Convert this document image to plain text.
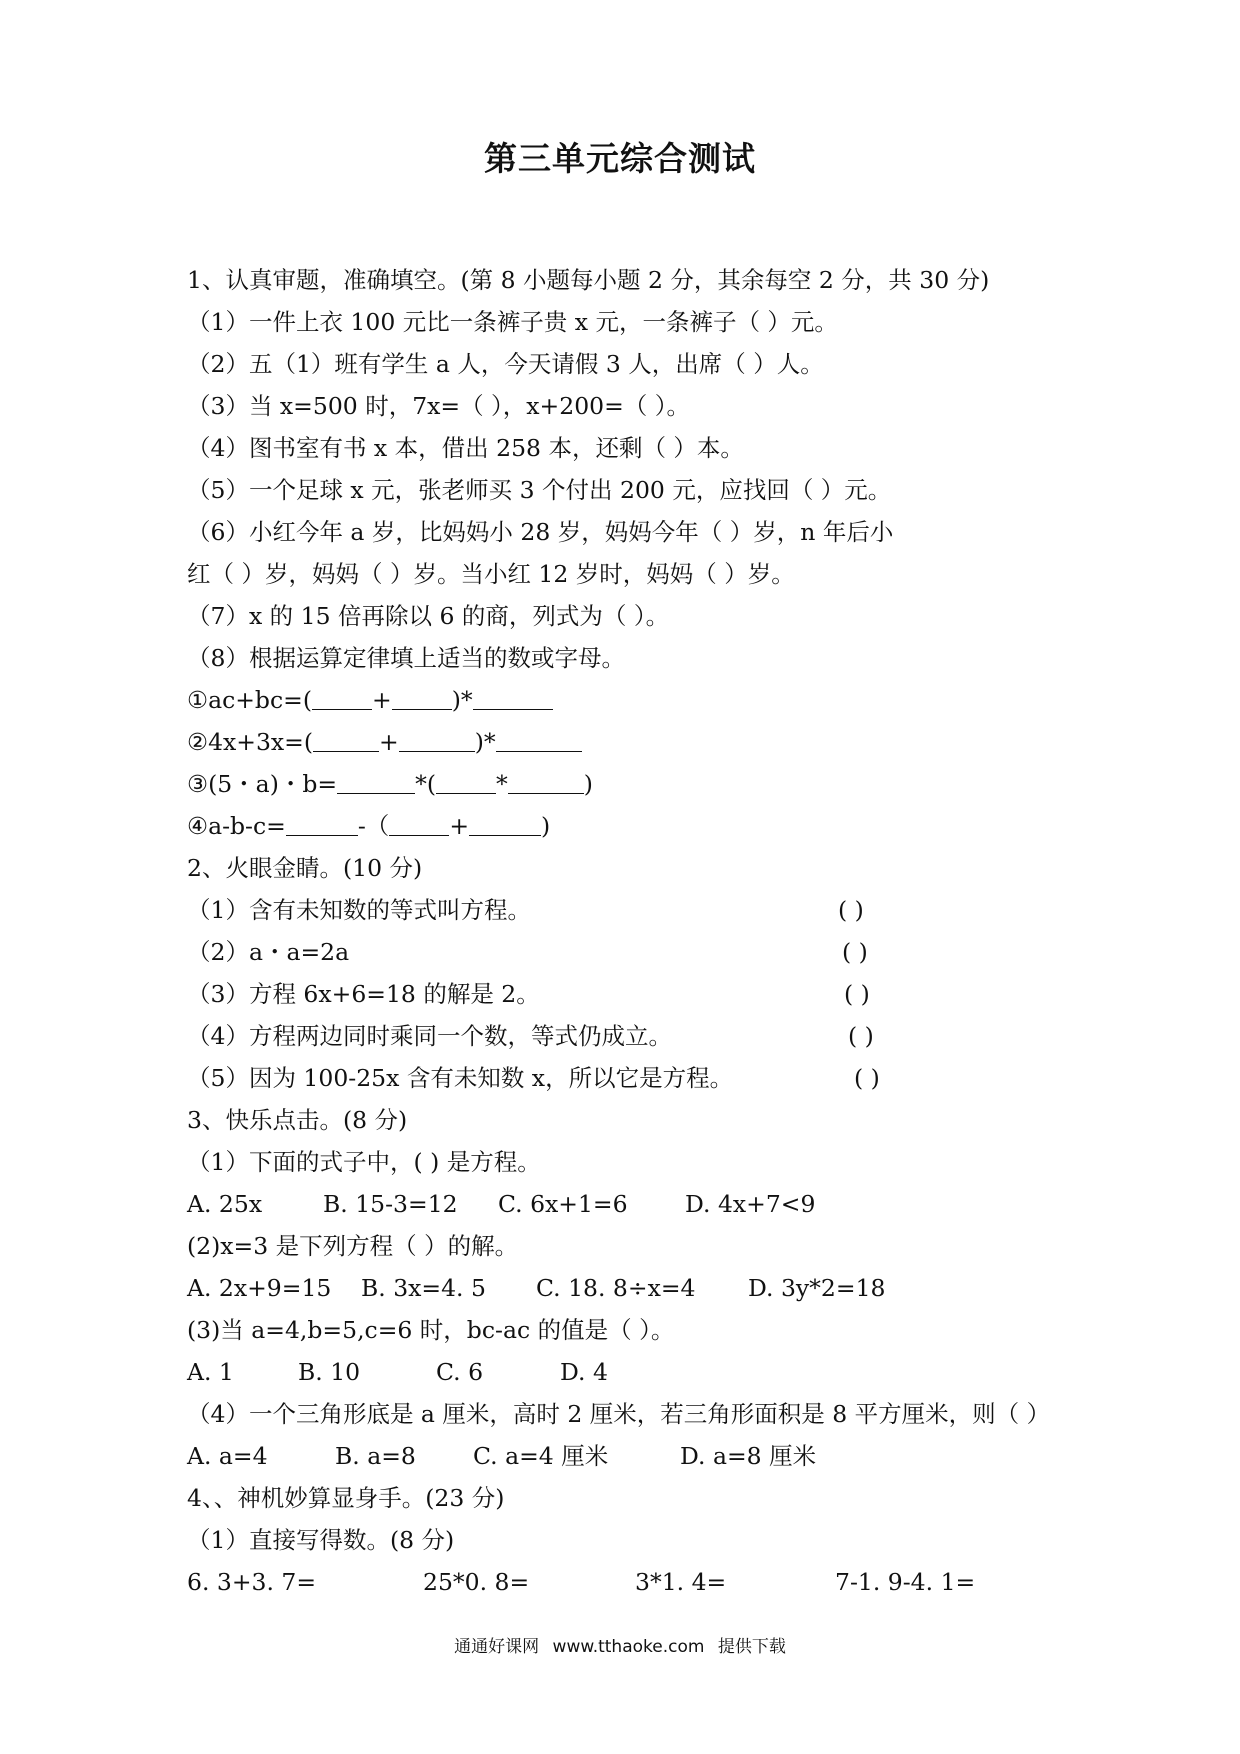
第三单元综合测试
1、认真审题，准确填空。(第 8 小题每小题 2 分，其余每空 2 分，共 30 分)
（1）一件上衣 100 元比一条裤子贵 x 元，一条裤子（ ）元。
（2）五（1）班有学生 a 人，今天请假 3 人，出席（ ）人。
（3）当 x=500 时，7x=（ ），x+200=（ ）。
（4）图书室有书 x 本，借出 258 本，还剩（ ）本。
（5）一个足球 x 元，张老师买 3 个付出 200 元，应找回（ ）元。
（6）小红今年 a 岁，比妈妈小 28 岁，妈妈今年（ ）岁，n 年后小
红（ ）岁，妈妈（ ）岁。当小红 12 岁时，妈妈（ ）岁。
（7）x 的 15 倍再除以 6 的商，列式为（ ）。
（8）根据运算定律填上适当的数或字母。
①ac+bc=(	+	)*
②4x+3x=(	+	)*
③(5・a)・b=	*(	*	)
④a-b-c=	-（	+	)
2、火眼金睛。(10 分)
（1）含有未知数的等式叫方程。	( )
（2）a・a=2a	( )
（3）方程 6x+6=18 的解是 2。	( )
（4）方程两边同时乘同一个数，等式仍成立。	( )
（5）因为 100-25x 含有未知数 x，所以它是方程。	( )
3、快乐点击。(8 分)
（1）下面的式子中，( ) 是方程。
A. 25x	B. 15-3=12 C. 6x+1=6 D. 4x+7<9
(2)x=3 是下列方程（ ）的解。
A. 2x+9=15 B. 3x=4. 5 C. 18. 8÷x=4 D. 3y*2=18
(3)当 a=4,b=5,c=6 时，bc-ac 的值是（ ）。
A. 1	B. 10	C. 6	D. 4
（4）一个三角形底是 a 厘米，高时 2 厘米，若三角形面积是 8 平方厘米，则（ ）
A. a=4	B. a=8 C. a=4 厘米	D. a=8 厘米
4、、神机妙算显身手。(23 分)
（1）直接写得数。(8 分)
6. 3+3. 7=	25*0. 8=	3*1. 4=	7-1. 9-4. 1=
通通好课网 www.tthaoke.com 提供下载
